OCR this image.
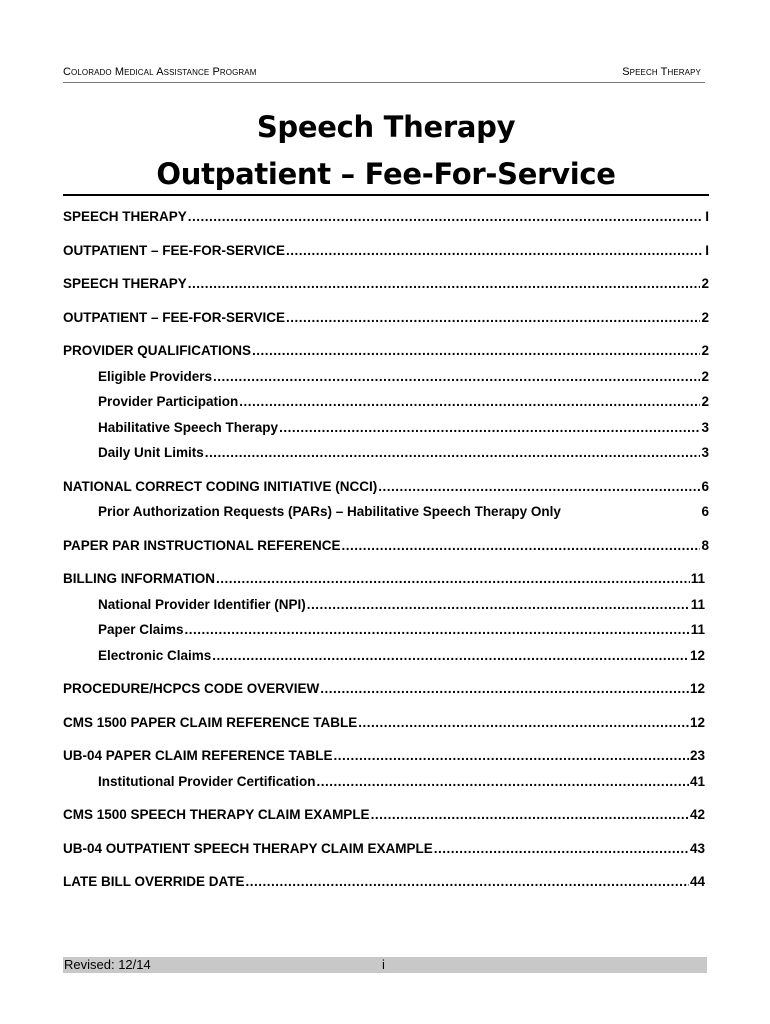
Colorado Medical Assistance Program	Speech Therapy
Speech Therapy
Outpatient – Fee-For-Service
SPEECH THERAPY .....	I
OUTPATIENT – FEE-FOR-SERVICE .....	I
SPEECH THERAPY .....	2
OUTPATIENT – FEE-FOR-SERVICE .....	2
PROVIDER QUALIFICATIONS .....	2
Eligible Providers .....	2
Provider Participation .....	2
Habilitative Speech Therapy .....	3
Daily Unit Limits .....	3
NATIONAL CORRECT CODING INITIATIVE (NCCI) .....	6
Prior Authorization Requests (PARs) – Habilitative Speech Therapy Only	6
PAPER PAR INSTRUCTIONAL REFERENCE .....	8
BILLING INFORMATION .....	11
National Provider Identifier (NPI) .....	11
Paper Claims .....	11
Electronic Claims .....	12
PROCEDURE/HCPCS CODE OVERVIEW .....	12
CMS 1500 PAPER CLAIM REFERENCE TABLE .....	12
UB-04 PAPER CLAIM REFERENCE TABLE .....	23
Institutional Provider Certification .....	41
CMS 1500 SPEECH THERAPY CLAIM EXAMPLE .....	42
UB-04 OUTPATIENT SPEECH THERAPY CLAIM EXAMPLE .....	43
LATE BILL OVERRIDE DATE .....	44
Revised: 12/14	i
